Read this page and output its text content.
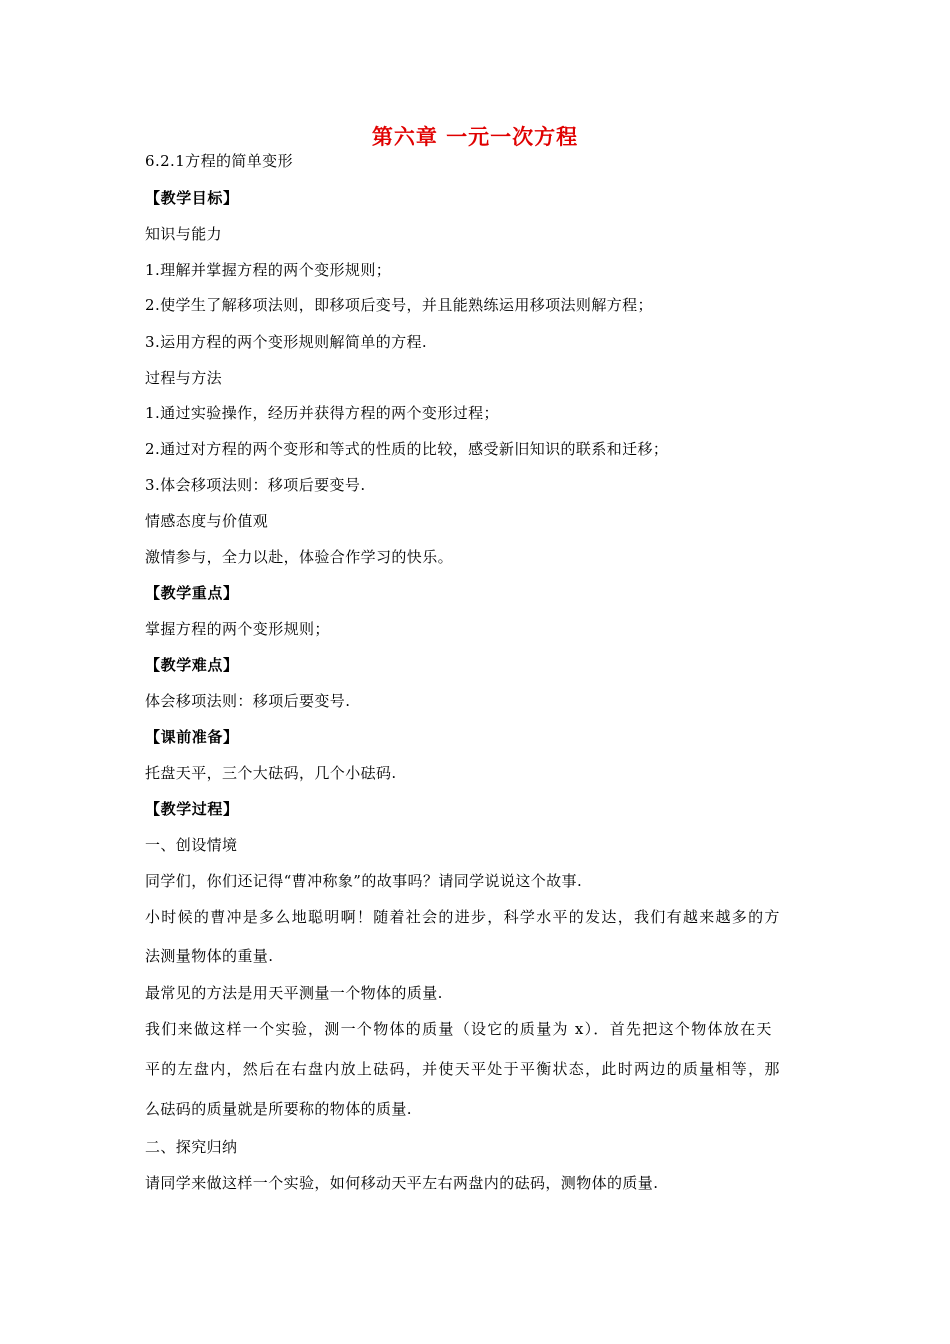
第六章 一元一次方程
6.2.1方程的简单变形
【教学目标】
知识与能力
1.理解并掌握方程的两个变形规则；
2.使学生了解移项法则，即移项后变号，并且能熟练运用移项法则解方程；
3.运用方程的两个变形规则解简单的方程.
过程与方法
1.通过实验操作，经历并获得方程的两个变形过程；
2.通过对方程的两个变形和等式的性质的比较，感受新旧知识的联系和迁移；
3.体会移项法则：移项后要变号.
情感态度与价值观
激情参与，全力以赴，体验合作学习的快乐。
【教学重点】
掌握方程的两个变形规则；
【教学难点】
体会移项法则：移项后要变号.
【课前准备】
托盘天平，三个大砝码，几个小砝码.
【教学过程】
一、创设情境
同学们，你们还记得“曹冲称象”的故事吗？请同学说说这个故事.
小时候的曹冲是多么地聪明啊！随着社会的进步，科学水平的发达，我们有越来越多的方
法测量物体的重量.
最常见的方法是用天平测量一个物体的质量.
我们来做这样一个实验，测一个物体的质量（设它的质量为 x）．首先把这个物体放在天
平的左盘内，然后在右盘内放上砝码，并使天平处于平衡状态，此时两边的质量相等，那
么砝码的质量就是所要称的物体的质量.
二、探究归纳
请同学来做这样一个实验，如何移动天平左右两盘内的砝码，测物体的质量.
